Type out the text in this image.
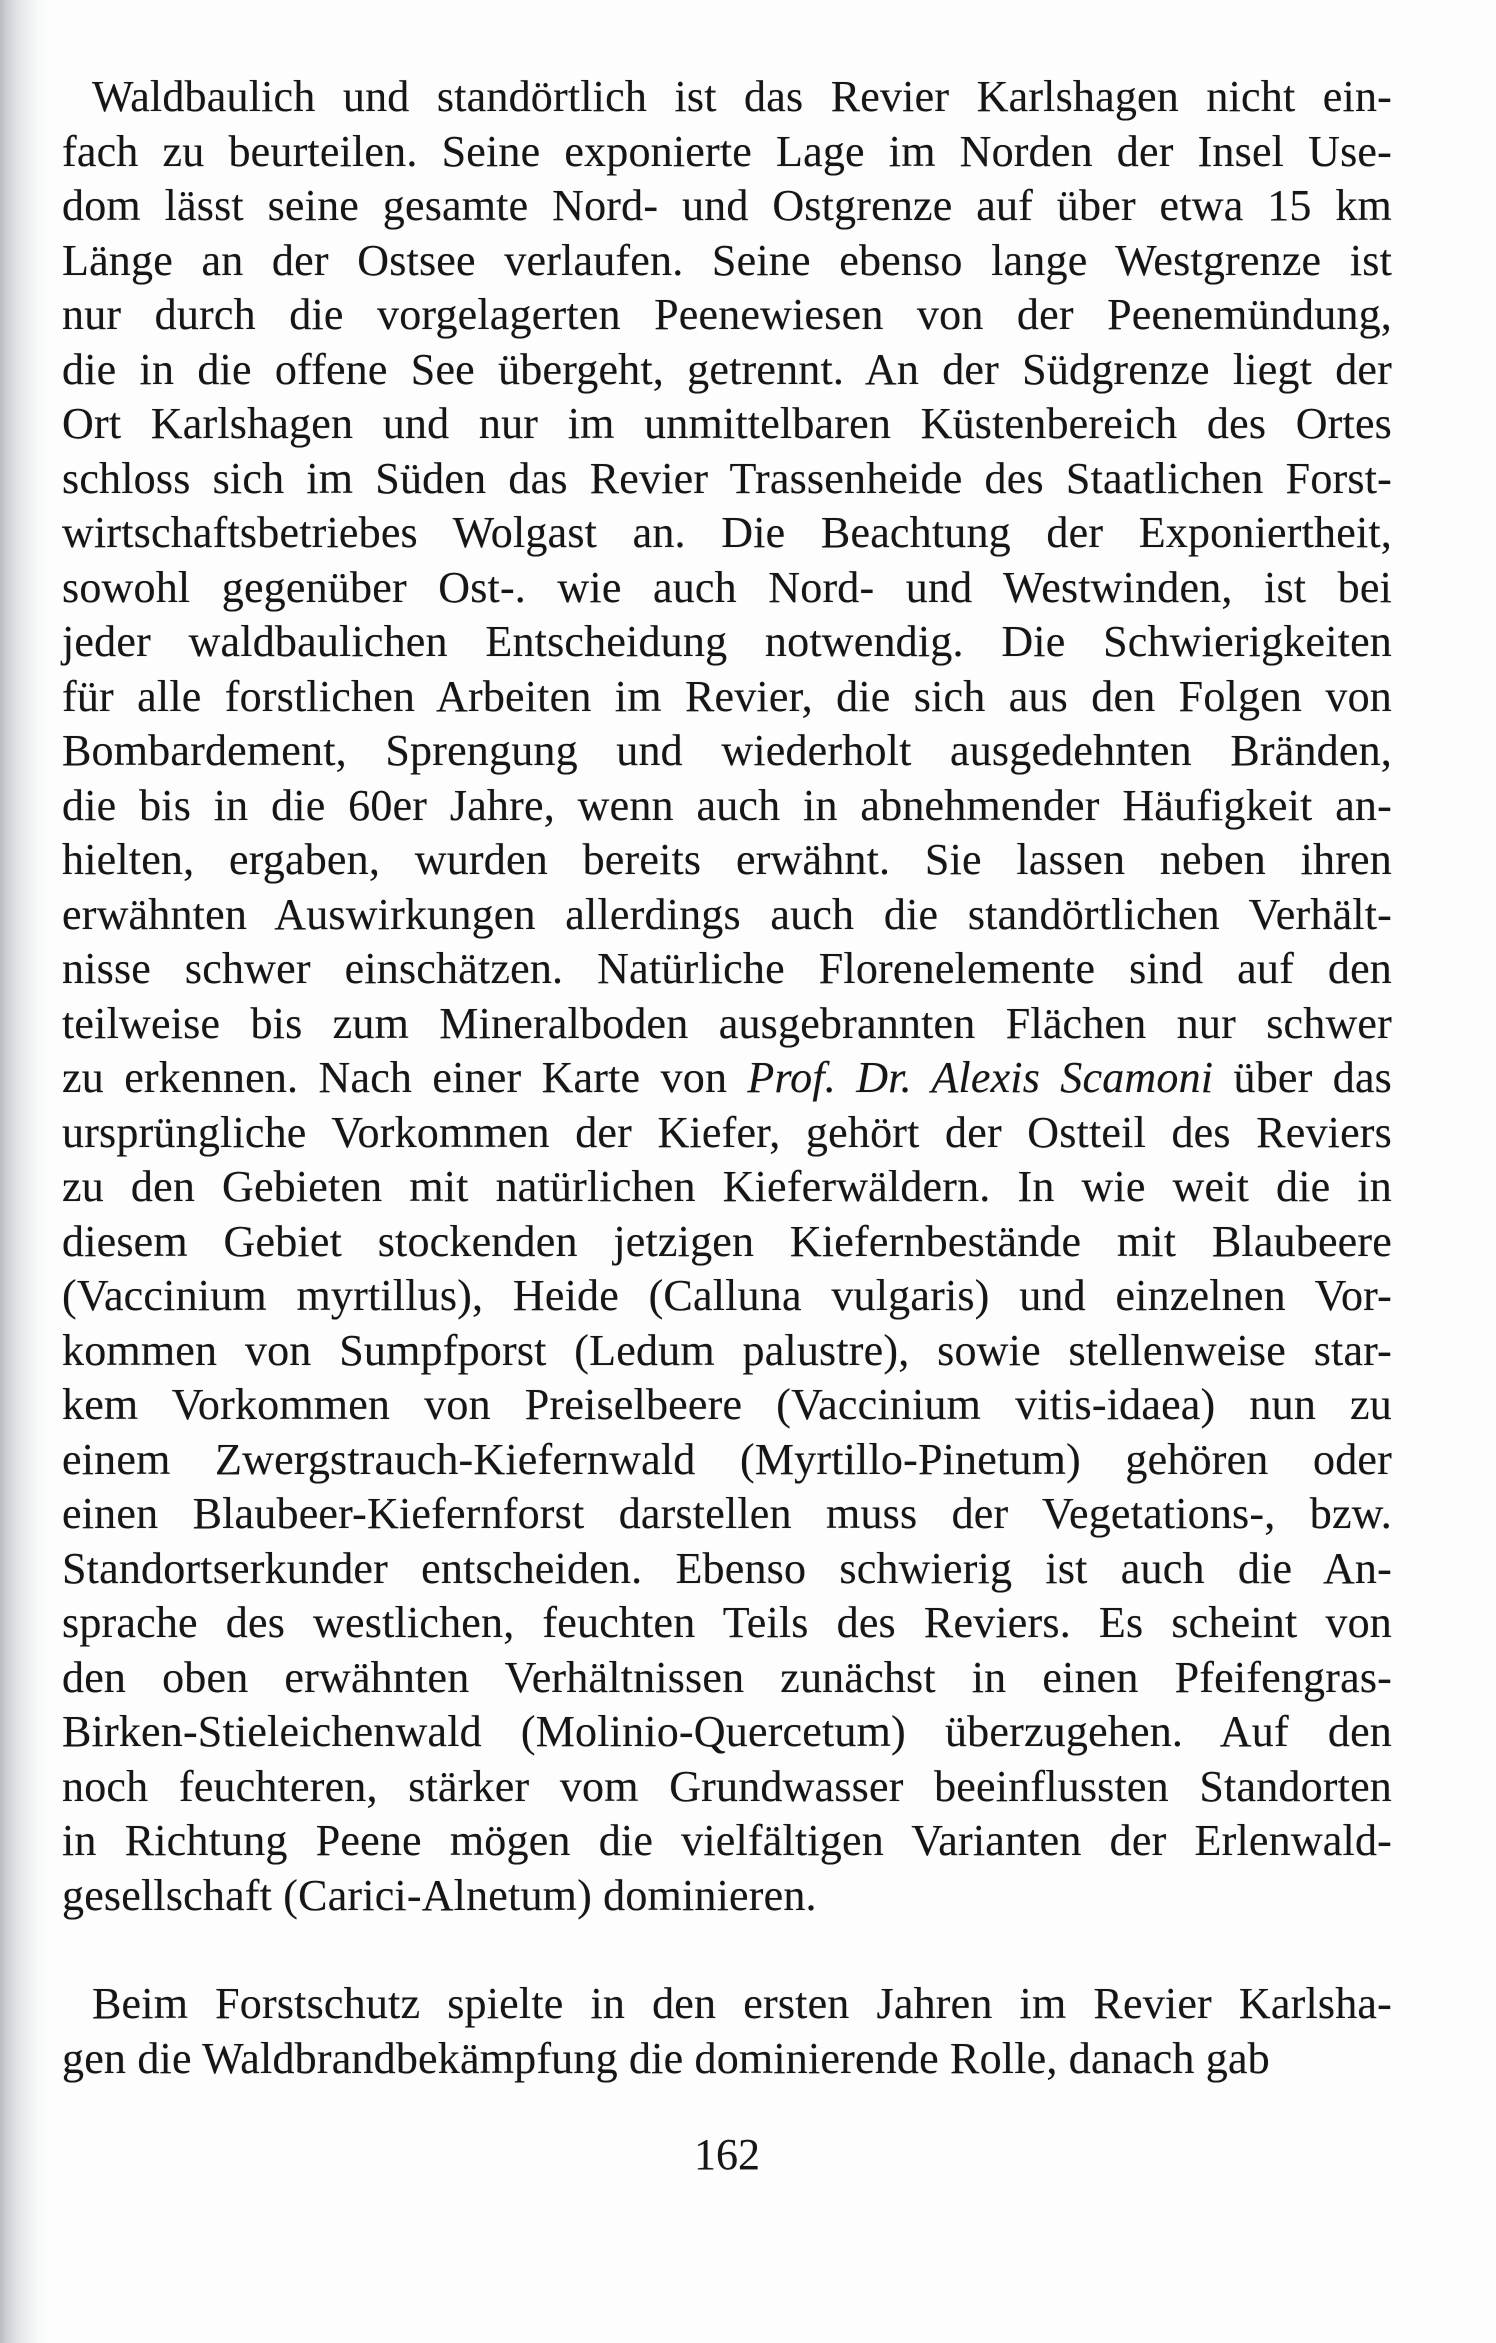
Waldbaulich und standörtlich ist das Revier Karlshagen nicht ein-
fach zu beurteilen. Seine exponierte Lage im Norden der Insel Use-
dom lässt seine gesamte Nord- und Ostgrenze auf über etwa 15 km
Länge an der Ostsee verlaufen. Seine ebenso lange Westgrenze ist
nur durch die vorgelagerten Peenewiesen von der Peenemündung,
die in die offene See übergeht, getrennt. An der Südgrenze liegt der
Ort Karlshagen und nur im unmittelbaren Küstenbereich des Ortes
schloss sich im Süden das Revier Trassenheide des Staatlichen Forst-
wirtschaftsbetriebes Wolgast an. Die Beachtung der Exponiertheit,
sowohl gegenüber Ost-. wie auch Nord- und Westwinden, ist bei
jeder waldbaulichen Entscheidung notwendig. Die Schwierigkeiten
für alle forstlichen Arbeiten im Revier, die sich aus den Folgen von
Bombardement, Sprengung und wiederholt ausgedehnten Bränden,
die bis in die 60er Jahre, wenn auch in abnehmender Häufigkeit an-
hielten, ergaben, wurden bereits erwähnt. Sie lassen neben ihren
erwähnten Auswirkungen allerdings auch die standörtlichen Verhält-
nisse schwer einschätzen. Natürliche Florenelemente sind auf den
teilweise bis zum Mineralboden ausgebrannten Flächen nur schwer
zu erkennen. Nach einer Karte von Prof. Dr. Alexis Scamoni über das
ursprüngliche Vorkommen der Kiefer, gehört der Ostteil des Reviers
zu den Gebieten mit natürlichen Kieferwäldern. In wie weit die in
diesem Gebiet stockenden jetzigen Kiefernbestände mit Blaubeere
(Vaccinium myrtillus), Heide (Calluna vulgaris) und einzelnen Vor-
kommen von Sumpfporst (Ledum palustre), sowie stellenweise star-
kem Vorkommen von Preiselbeere (Vaccinium vitis-idaea) nun zu
einem Zwergstrauch-Kiefernwald (Myrtillo-Pinetum) gehören oder
einen Blaubeer-Kiefernforst darstellen muss der Vegetations-, bzw.
Standortserkunder entscheiden. Ebenso schwierig ist auch die An-
sprache des westlichen, feuchten Teils des Reviers. Es scheint von
den oben erwähnten Verhältnissen zunächst in einen Pfeifengras-
Birken-Stieleichenwald (Molinio-Quercetum) überzugehen. Auf den
noch feuchteren, stärker vom Grundwasser beeinflussten Standorten
in Richtung Peene mögen die vielfältigen Varianten der Erlenwald-
gesellschaft (Carici-Alnetum) dominieren.
Beim Forstschutz spielte in den ersten Jahren im Revier Karlsha-
gen die Waldbrandbekämpfung die dominierende Rolle, danach gab
162
